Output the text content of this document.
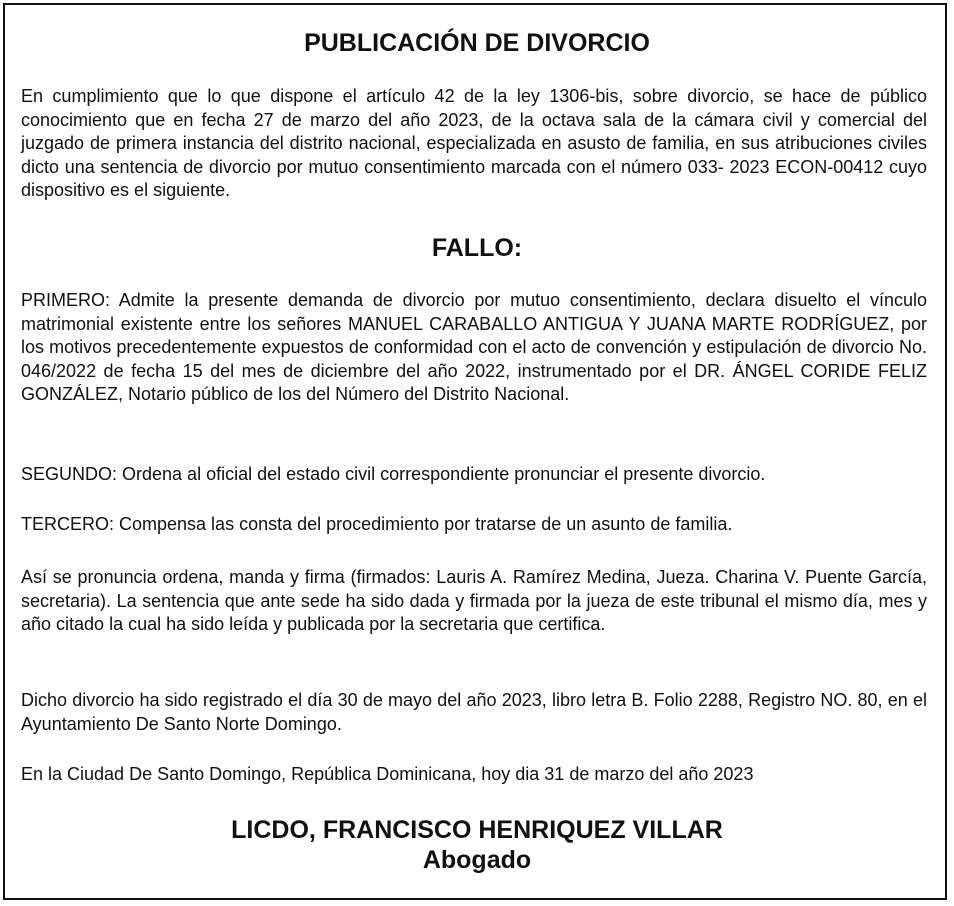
PUBLICACIÓN DE DIVORCIO

En cumplimiento que lo que dispone el artículo 42 de la ley 1306-bis, sobre divorcio, se hace de público conocimiento que en fecha 27 de marzo del año 2023, de la octava sala de la cámara civil y comercial del juzgado de primera instancia del distrito nacional, especializada en asusto de familia, en sus atribuciones civiles dicto una sentencia de divorcio por mutuo consentimiento marcada con el número 033- 2023 ECON-00412 cuyo dispositivo es el siguiente.

FALLO:

PRIMERO: Admite la presente demanda de divorcio por mutuo consentimiento, declara disuelto el vínculo matrimonial existente entre los señores MANUEL CARABALLO ANTIGUA Y JUANA MARTE RODRÍGUEZ, por los motivos precedentemente expuestos de conformidad con el acto de convención y estipulación de divorcio No. 046/2022 de fecha 15 del mes de diciembre del año 2022, instrumentado por el DR. ÁNGEL CORIDE FELIZ GONZÁLEZ, Notario público de los del Número del Distrito Nacional.

SEGUNDO: Ordena al oficial del estado civil correspondiente pronunciar el presente divorcio.

TERCERO: Compensa las consta del procedimiento por tratarse de un asunto de familia.

Así se pronuncia ordena, manda y firma (firmados: Lauris A. Ramírez Medina, Jueza. Charina V. Puente García, secretaria). La sentencia que ante sede ha sido dada y firmada por la jueza de este tribunal el mismo día, mes y año citado la cual ha sido leída y publicada por la secretaria que certifica.

Dicho divorcio ha sido registrado el día 30 de mayo del año 2023, libro letra B. Folio 2288, Registro NO. 80, en el Ayuntamiento De Santo Norte Domingo.

En la Ciudad De Santo Domingo, República Dominicana, hoy dia 31 de marzo del año 2023

LICDO, FRANCISCO HENRIQUEZ VILLAR
Abogado
